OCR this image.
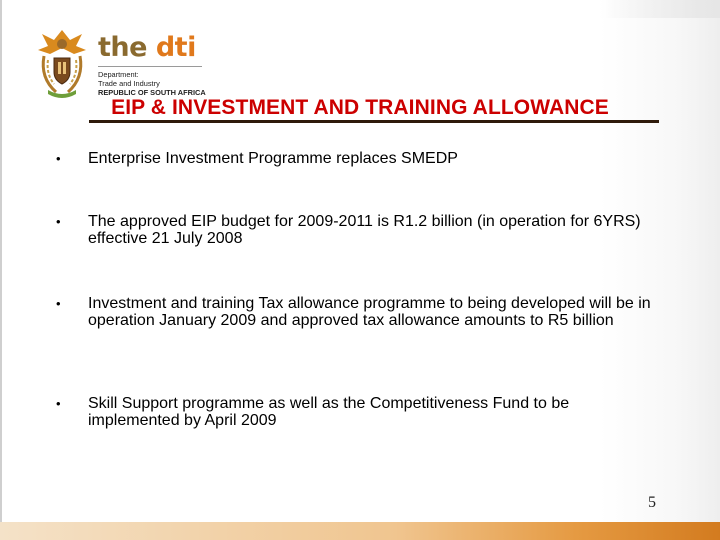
the dti
Department:
Trade and Industry
REPUBLIC OF SOUTH AFRICA
EIP & INVESTMENT AND TRAINING ALLOWANCE
• Enterprise Investment Programme replaces SMEDP
• The approved EIP budget for 2009-2011 is R1.2 billion (in operation for 6YRS) effective 21 July 2008
• Investment and training Tax allowance programme to being developed will be in operation January 2009 and approved tax allowance amounts to R5 billion
• Skill Support programme as well as the Competitiveness Fund to be implemented by April 2009
5
